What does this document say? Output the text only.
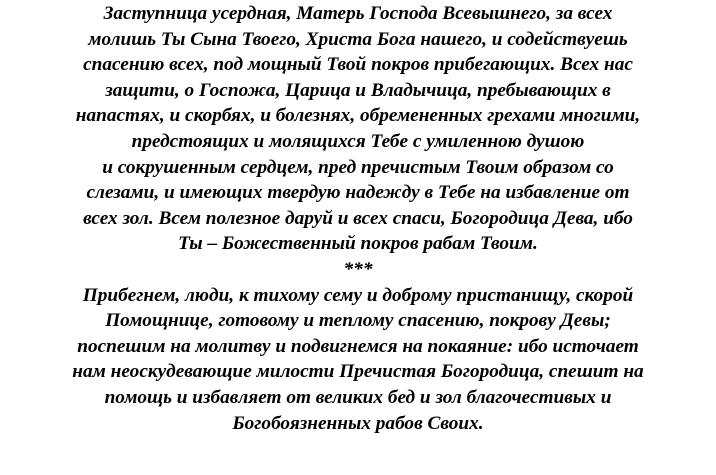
Заступница усердная, Матерь Господа Всевышнего, за всех
молишь Ты Сына Твоего, Христа Бога нашего, и содействуешь
спасению всех, под мощный Твой покров прибегающих. Всех нас
защити, о Госпожа, Царица и Владычица, пребывающих в
напастях, и скорбях, и болезнях, обремененных грехами многими,
предстоящих и молящихся Тебе с умиленною душою
и сокрушенным сердцем, пред пречистым Твоим образом со
слезами, и имеющих твердую надежду в Тебе на избавление от
всех зол. Всем полезное даруй и всех спаси, Богородица Дева, ибо
Ты – Божественный покров рабам Твоим.
***
Прибегнем, люди, к тихому сему и доброму пристанищу, скорой
Помощнице, готовому и теплому спасению, покрову Девы;
поспешим на молитву и подвигнемся на покаяние: ибо источает
нам неоскудевающие милости Пречистая Богородица, спешит на
помощь и избавляет от великих бед и зол благочестивых и
Богобоязненных рабов Своих.
